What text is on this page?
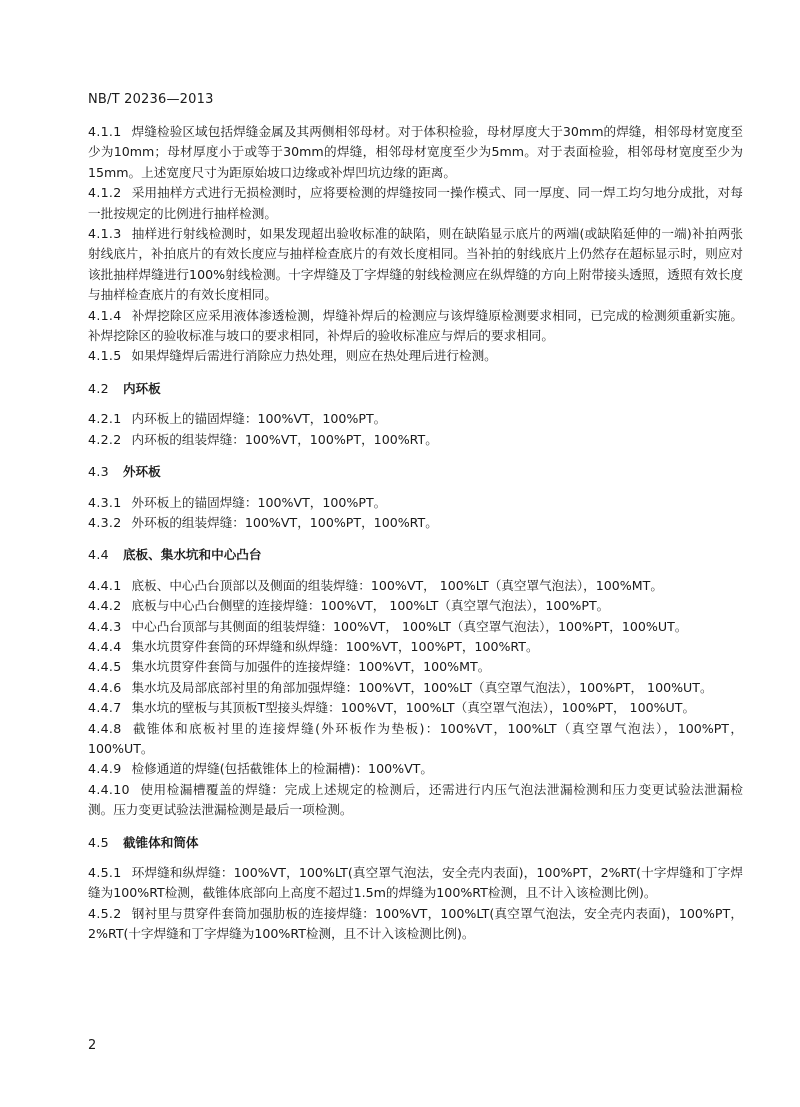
NB/T 20236—2013

4.1.1 焊缝检验区域包括焊缝金属及其两侧相邻母材。对于体积检验，母材厚度大于30mm的焊缝，相邻母材宽度至少为10mm；母材厚度小于或等于30mm的焊缝，相邻母材宽度至少为5mm。对于表面检验，相邻母材宽度至少为15mm。上述宽度尺寸为距原始坡口边缘或补焊凹坑边缘的距离。

4.1.2 采用抽样方式进行无损检测时，应将要检测的焊缝按同一操作模式、同一厚度、同一焊工均匀地分成批，对每一批按规定的比例进行抽样检测。

4.1.3 抽样进行射线检测时，如果发现超出验收标准的缺陷，则在缺陷显示底片的两端(或缺陷延伸的一端)补拍两张射线底片，补拍底片的有效长度应与抽样检查底片的有效长度相同。当补拍的射线底片上仍然存在超标显示时，则应对该批抽样焊缝进行100%射线检测。十字焊缝及丁字焊缝的射线检测应在纵焊缝的方向上附带接头透照，透照有效长度与抽样检查底片的有效长度相同。

4.1.4 补焊挖除区应采用液体渗透检测，焊缝补焊后的检测应与该焊缝原检测要求相同，已完成的检测须重新实施。补焊挖除区的验收标准与坡口的要求相同，补焊后的验收标准应与焊后的要求相同。

4.1.5 如果焊缝焊后需进行消除应力热处理，则应在热处理后进行检测。

4.2 内环板

4.2.1 内环板上的锚固焊缝：100%VT，100%PT。

4.2.2 内环板的组装焊缝：100%VT，100%PT，100%RT。

4.3 外环板

4.3.1 外环板上的锚固焊缝：100%VT，100%PT。

4.3.2 外环板的组装焊缝：100%VT，100%PT，100%RT。

4.4 底板、集水坑和中心凸台

4.4.1 底板、中心凸台顶部以及侧面的组装焊缝：100%VT， 100%LT（真空罩气泡法），100%MT。

4.4.2 底板与中心凸台侧壁的连接焊缝：100%VT， 100%LT（真空罩气泡法），100%PT。

4.4.3 中心凸台顶部与其侧面的组装焊缝：100%VT， 100%LT（真空罩气泡法），100%PT，100%UT。

4.4.4 集水坑贯穿件套筒的环焊缝和纵焊缝：100%VT，100%PT，100%RT。

4.4.5 集水坑贯穿件套筒与加强件的连接焊缝：100%VT，100%MT。

4.4.6 集水坑及局部底部衬里的角部加强焊缝：100%VT，100%LT（真空罩气泡法），100%PT， 100%UT。

4.4.7 集水坑的壁板与其顶板T型接头焊缝：100%VT，100%LT（真空罩气泡法），100%PT， 100%UT。

4.4.8 截锥体和底板衬里的连接焊缝(外环板作为垫板)：100%VT，100%LT（真空罩气泡法），100%PT，100%UT。

4.4.9 检修通道的焊缝(包括截锥体上的检漏槽)：100%VT。

4.4.10 使用检漏槽覆盖的焊缝：完成上述规定的检测后，还需进行内压气泡法泄漏检测和压力变更试验法泄漏检测。压力变更试验法泄漏检测是最后一项检测。

4.5 截锥体和筒体

4.5.1 环焊缝和纵焊缝：100%VT，100%LT(真空罩气泡法，安全壳内表面)，100%PT，2%RT(十字焊缝和丁字焊缝为100%RT检测，截锥体底部向上高度不超过1.5m的焊缝为100%RT检测，且不计入该检测比例)。

4.5.2 钢衬里与贯穿件套筒加强肋板的连接焊缝：100%VT，100%LT(真空罩气泡法，安全壳内表面)，100%PT，2%RT(十字焊缝和丁字焊缝为100%RT检测，且不计入该检测比例)。

2
